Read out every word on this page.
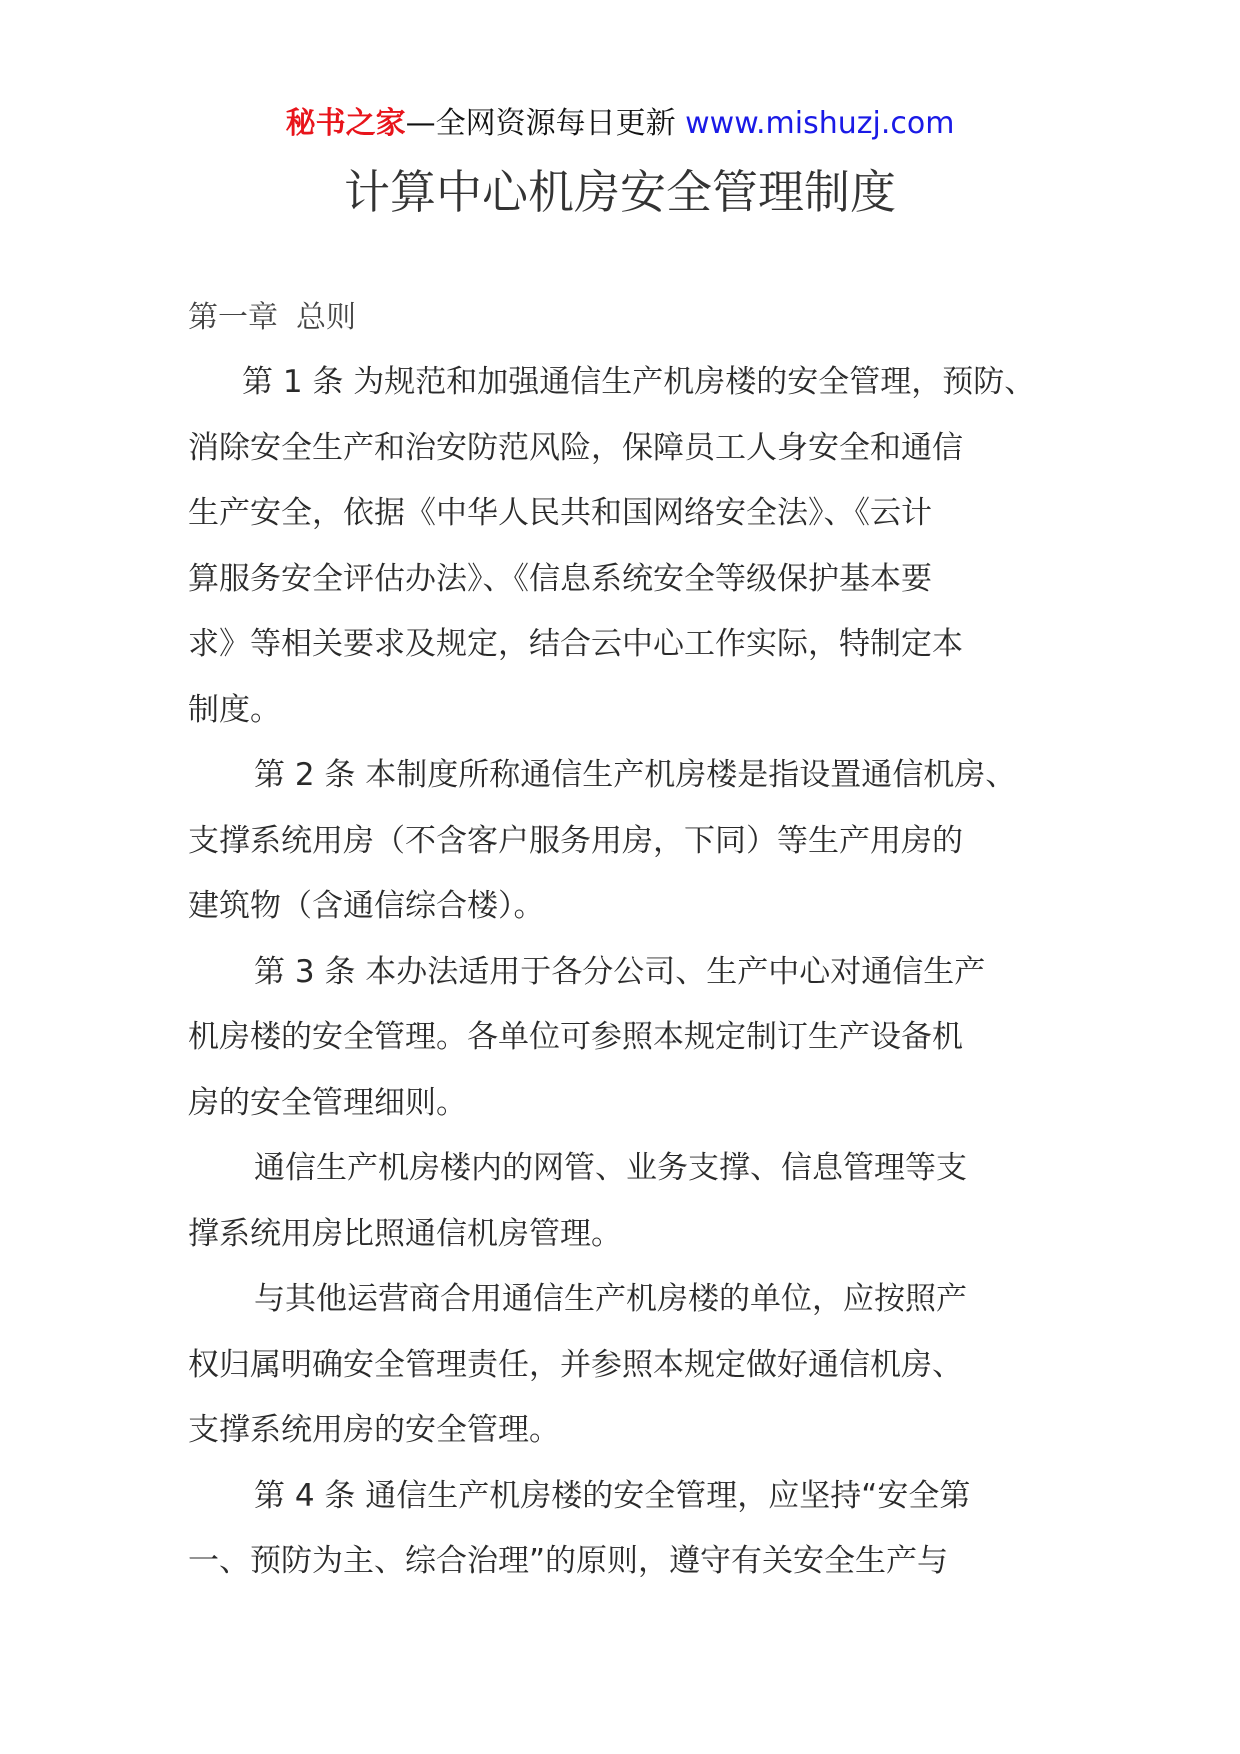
秘书之家—全网资源每日更新 www.mishuzj.com
计算中心机房安全管理制度
第一章 总则
第 1 条 为规范和加强通信生产机房楼的安全管理，预防、
消除安全生产和治安防范风险，保障员工人身安全和通信
生产安全，依据《中华人民共和国网络安全法》、《云计
算服务安全评估办法》、《信息系统安全等级保护基本要
求》等相关要求及规定，结合云中心工作实际，特制定本
制度。
第 2 条 本制度所称通信生产机房楼是指设置通信机房、
支撑系统用房（不含客户服务用房，下同）等生产用房的
建筑物（含通信综合楼）。
第 3 条 本办法适用于各分公司、生产中心对通信生产
机房楼的安全管理。各单位可参照本规定制订生产设备机
房的安全管理细则。
通信生产机房楼内的网管、业务支撑、信息管理等支
撑系统用房比照通信机房管理。
与其他运营商合用通信生产机房楼的单位，应按照产
权归属明确安全管理责任，并参照本规定做好通信机房、
支撑系统用房的安全管理。
第 4 条 通信生产机房楼的安全管理，应坚持“安全第
一、预防为主、综合治理”的原则，遵守有关安全生产与
